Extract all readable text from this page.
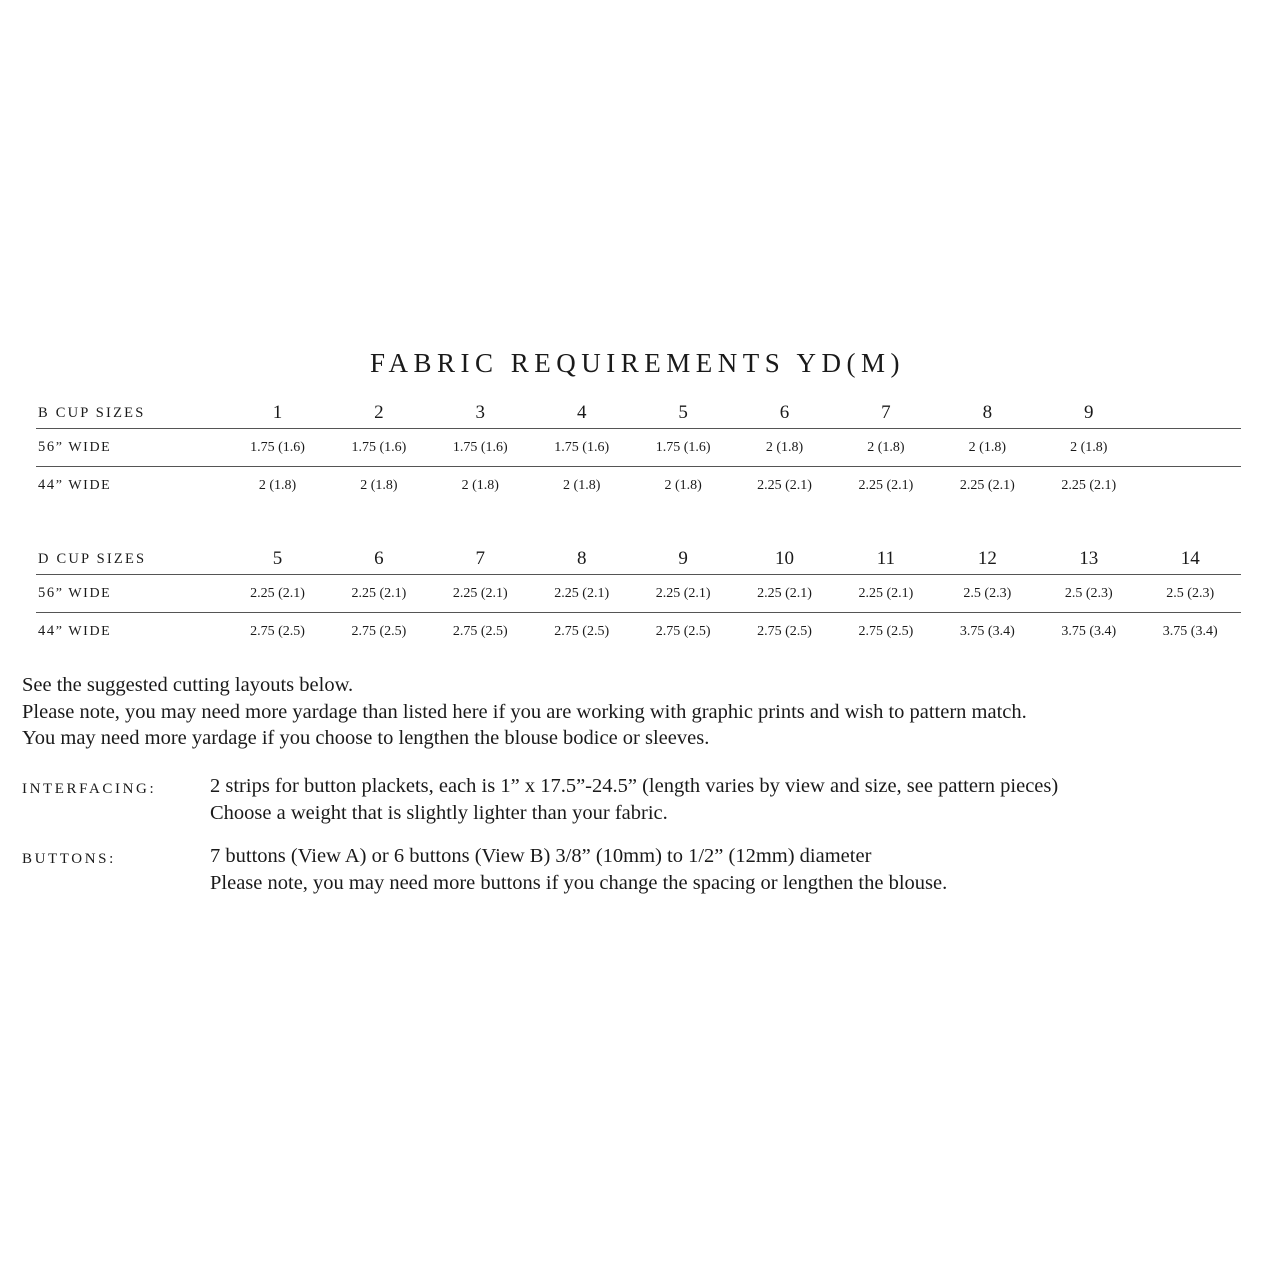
FABRIC REQUIREMENTS YD(M)
B CUP SIZES	1	2	3	4	5	6	7	8	9	
56” WIDE	1.75 (1.6)	1.75 (1.6)	1.75 (1.6)	1.75 (1.6)	1.75 (1.6)	2 (1.8)	2 (1.8)	2 (1.8)	2 (1.8)	
44” WIDE	2 (1.8)	2 (1.8)	2 (1.8)	2 (1.8)	2 (1.8)	2.25 (2.1)	2.25 (2.1)	2.25 (2.1)	2.25 (2.1)	
D CUP SIZES	5	6	7	8	9	10	11	12	13	14
56” WIDE	2.25 (2.1)	2.25 (2.1)	2.25 (2.1)	2.25 (2.1)	2.25 (2.1)	2.25 (2.1)	2.25 (2.1)	2.5 (2.3)	2.5 (2.3)	2.5 (2.3)
44” WIDE	2.75 (2.5)	2.75 (2.5)	2.75 (2.5)	2.75 (2.5)	2.75 (2.5)	2.75 (2.5)	2.75 (2.5)	3.75 (3.4)	3.75 (3.4)	3.75 (3.4)
See the suggested cutting layouts below.
Please note, you may need more yardage than listed here if you are working with graphic prints and wish to pattern match.
You may need more yardage if you choose to lengthen the blouse bodice or sleeves.
INTERFACING:	2 strips for button plackets, each is 1” x 17.5”-24.5” (length varies by view and size, see pattern pieces)
Choose a weight that is slightly lighter than your fabric.
BUTTONS:	7 buttons (View A) or 6 buttons (View B) 3/8” (10mm) to 1/2” (12mm) diameter
Please note, you may need more buttons if you change the spacing or lengthen the blouse.
